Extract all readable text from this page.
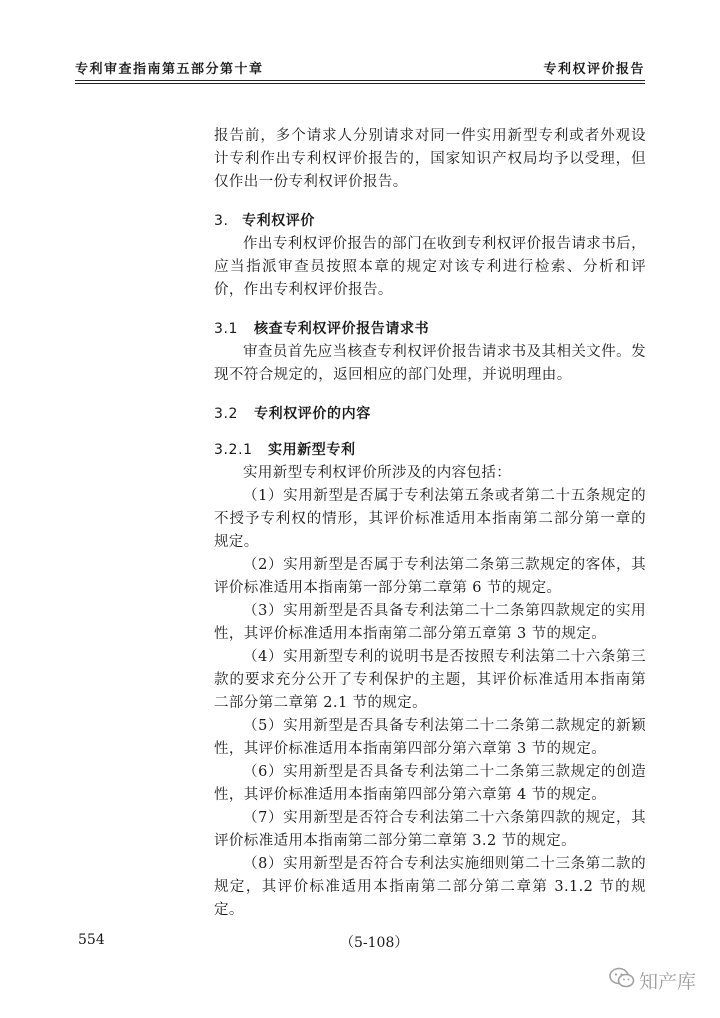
专利审查指南第五部分第十章	专利权评价报告

报告前，多个请求人分别请求对同一件实用新型专利或者外观设计专利作出专利权评价报告的，国家知识产权局均予以受理，但仅作出一份专利权评价报告。

3. 专利权评价

作出专利权评价报告的部门在收到专利权评价报告请求书后，应当指派审查员按照本章的规定对该专利进行检索、分析和评价，作出专利权评价报告。

3.1 核查专利权评价报告请求书

审查员首先应当核查专利权评价报告请求书及其相关文件。发现不符合规定的，返回相应的部门处理，并说明理由。

3.2 专利权评价的内容

3.2.1 实用新型专利

实用新型专利权评价所涉及的内容包括：

（1）实用新型是否属于专利法第五条或者第二十五条规定的不授予专利权的情形，其评价标准适用本指南第二部分第一章的规定。

（2）实用新型是否属于专利法第二条第三款规定的客体，其评价标准适用本指南第一部分第二章第 6 节的规定。

（3）实用新型是否具备专利法第二十二条第四款规定的实用性，其评价标准适用本指南第二部分第五章第 3 节的规定。

（4）实用新型专利的说明书是否按照专利法第二十六条第三款的要求充分公开了专利保护的主题，其评价标准适用本指南第二部分第二章第 2.1 节的规定。

（5）实用新型是否具备专利法第二十二条第二款规定的新颖性，其评价标准适用本指南第四部分第六章第 3 节的规定。

（6）实用新型是否具备专利法第二十二条第三款规定的创造性，其评价标准适用本指南第四部分第六章第 4 节的规定。

（7）实用新型是否符合专利法第二十六条第四款的规定，其评价标准适用本指南第二部分第二章第 3.2 节的规定。

（8）实用新型是否符合专利法实施细则第二十三条第二款的规定，其评价标准适用本指南第二部分第二章第 3.1.2 节的规定。

554	（5-108）
知产库
